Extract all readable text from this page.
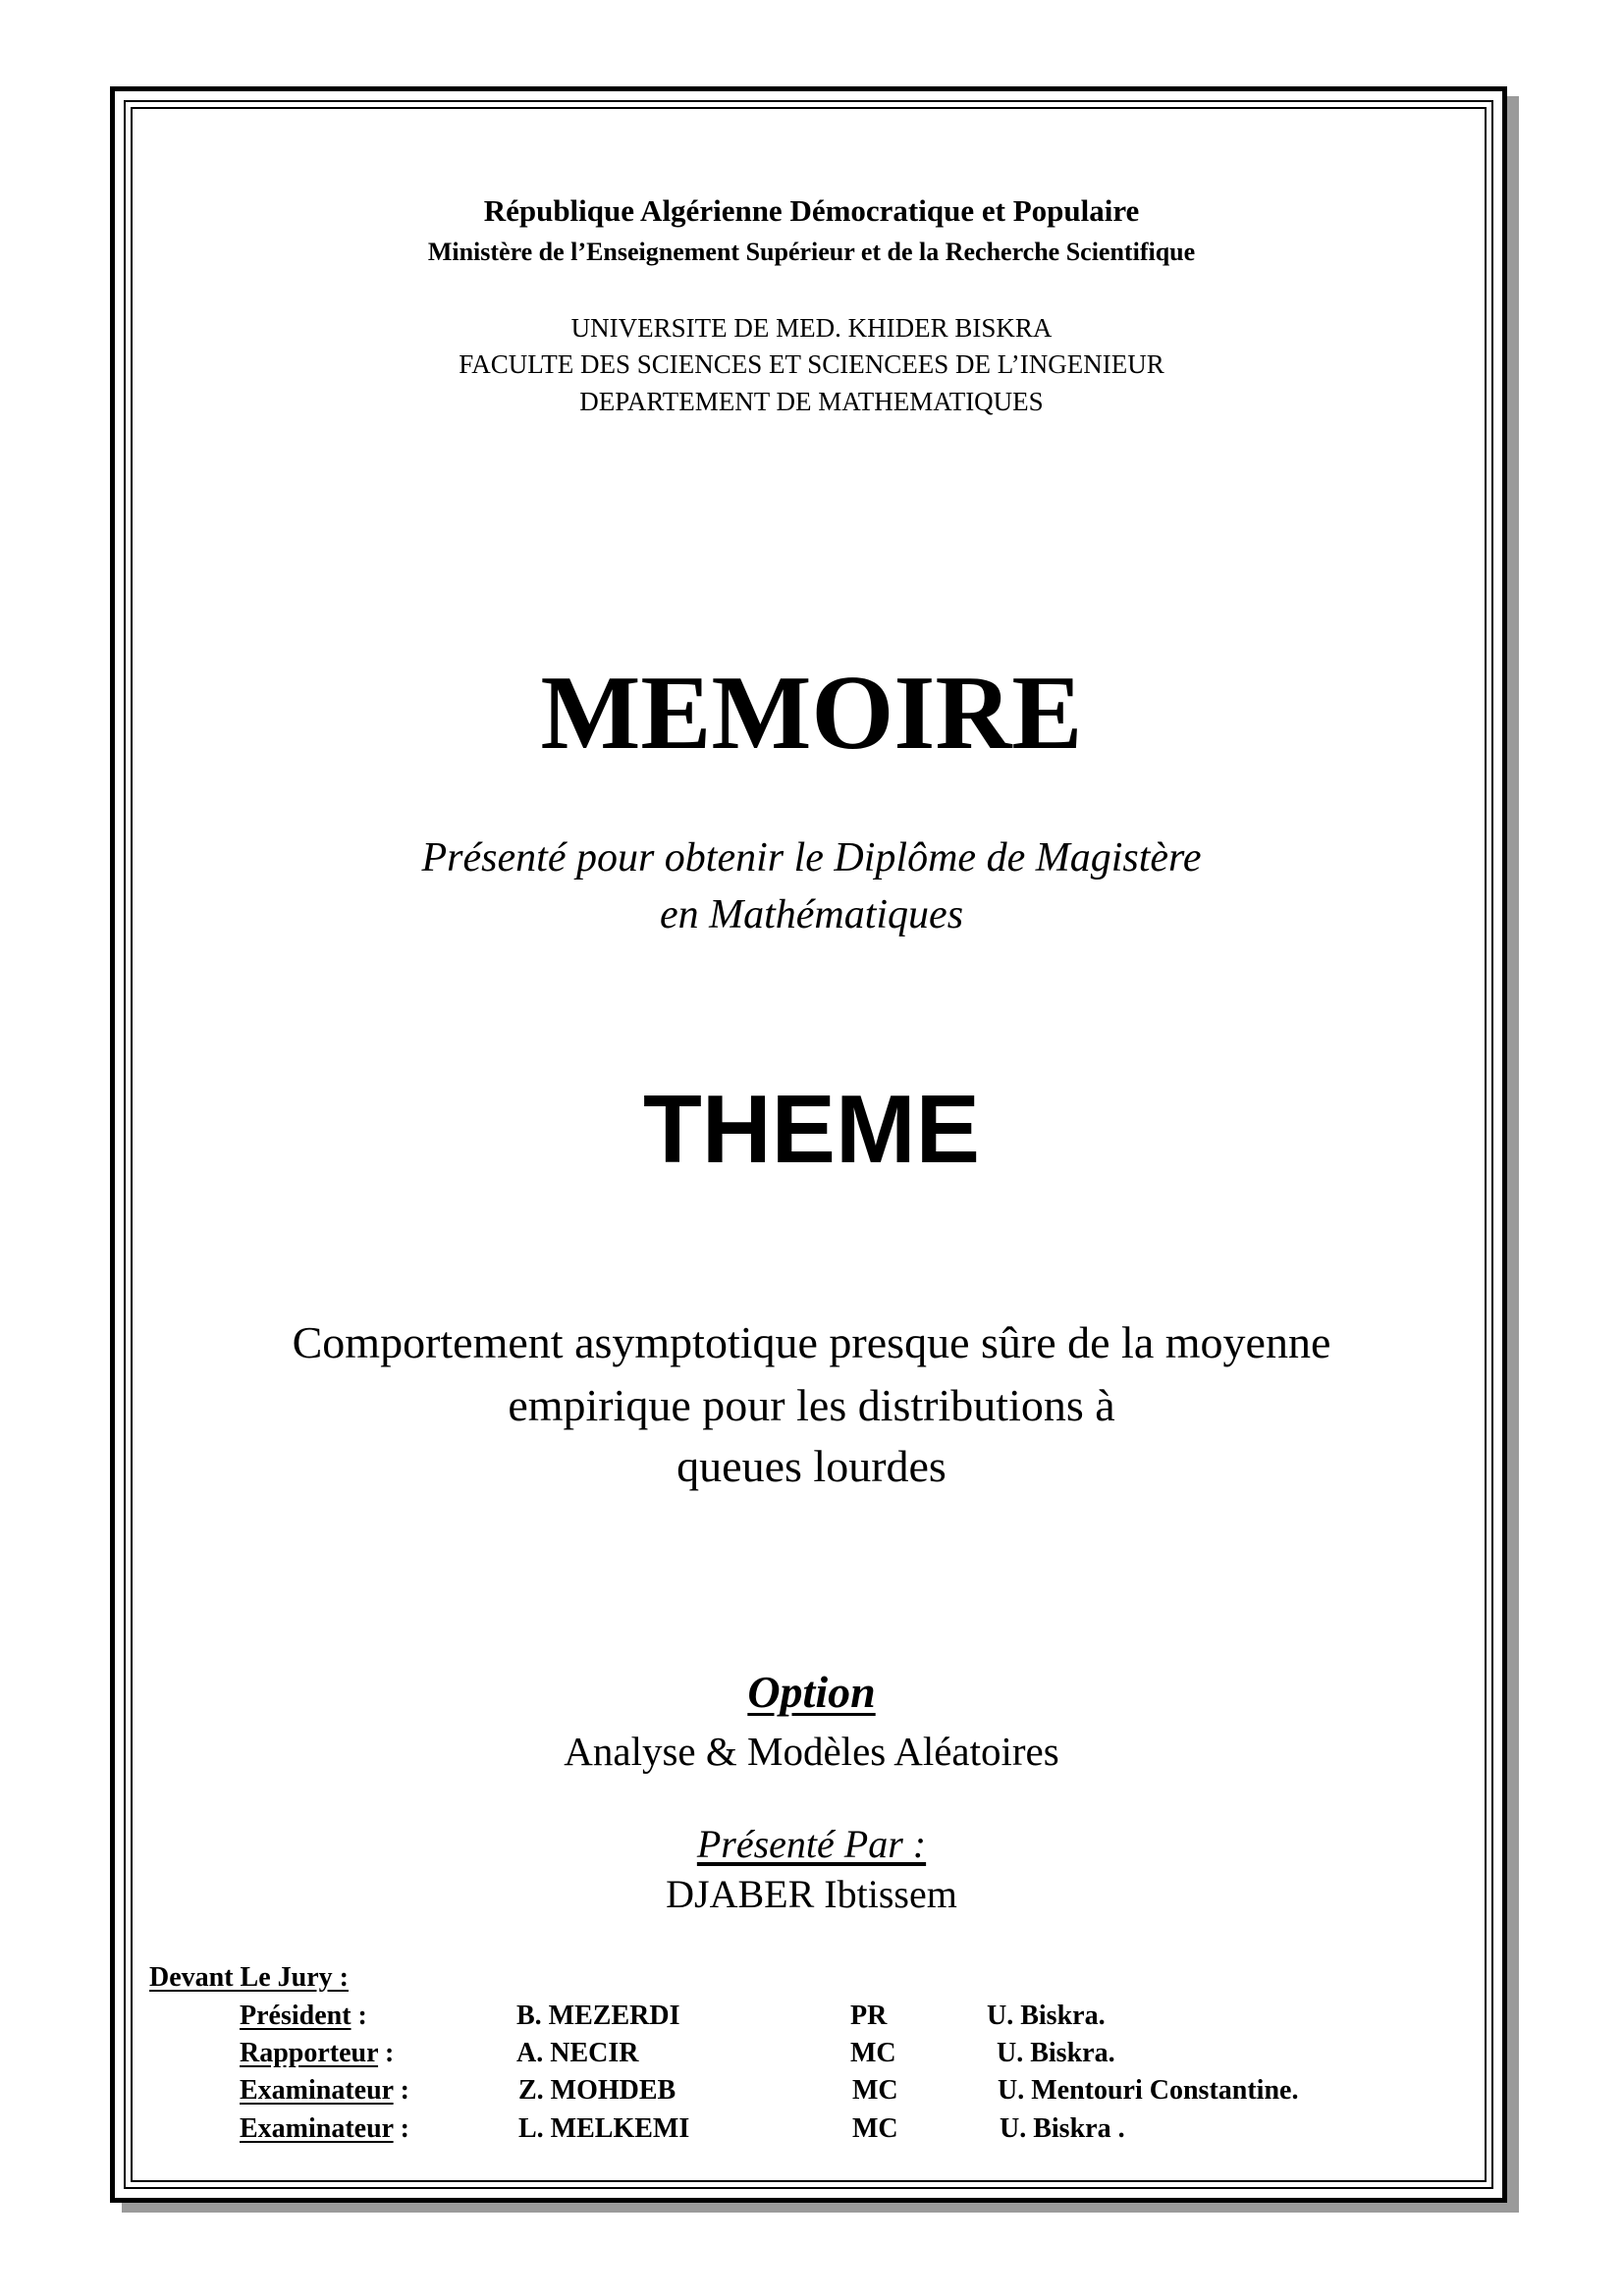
République Algérienne Démocratique et Populaire
Ministère de l’Enseignement Supérieur et de la Recherche Scientifique
UNIVERSITE DE MED. KHIDER BISKRA
FACULTE DES SCIENCES ET SCIENCEES DE L’INGENIEUR
DEPARTEMENT DE MATHEMATIQUES
MEMOIRE
Présenté pour obtenir le Diplôme de Magistère
en Mathématiques
THEME
Comportement asymptotique presque sûre de la moyenne
empirique pour les distributions à
queues lourdes
Option
Analyse & Modèles Aléatoires
Présenté Par :
DJABER Ibtissem
Devant Le Jury :
Président :	B. MEZERDI	PR	U. Biskra.
Rapporteur :	A. NECIR	MC	U. Biskra.
Examinateur :	Z. MOHDEB	MC	U. Mentouri Constantine.
Examinateur :	L. MELKEMI	MC	U. Biskra .
